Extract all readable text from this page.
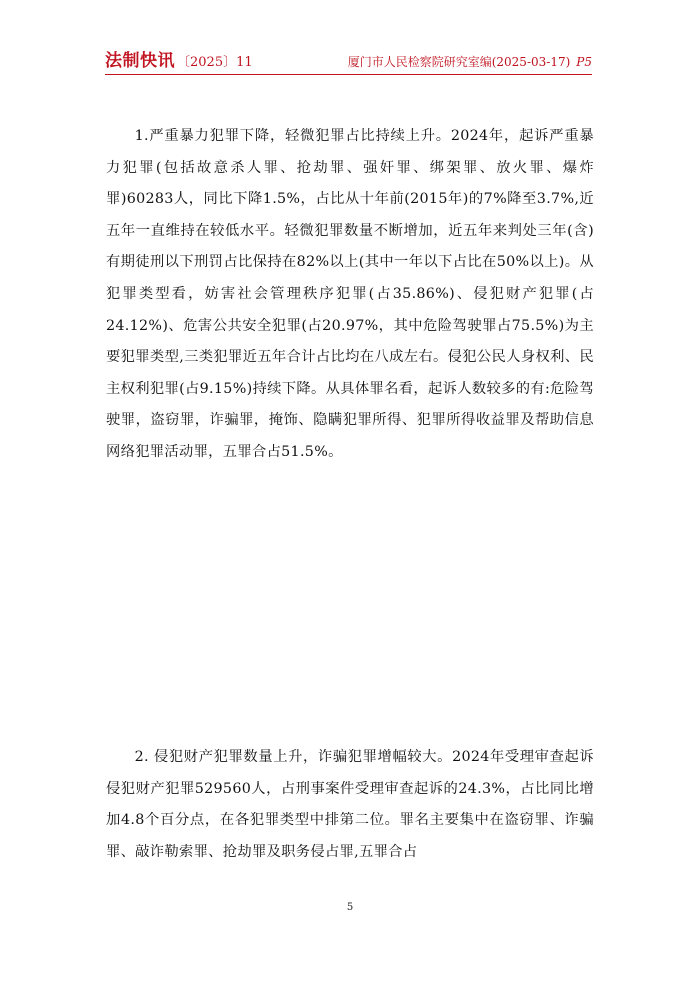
法制快讯 〔2025〕11	厦门市人民检察院研究室编(2025-03-17) P5

1.严重暴力犯罪下降，轻微犯罪占比持续上升。2024年，起诉严重暴力犯罪(包括故意杀人罪、抢劫罪、强奸罪、绑架罪、放火罪、爆炸罪)60283人，同比下降1.5%，占比从十年前(2015年)的7%降至3.7%,近五年一直维持在较低水平。轻微犯罪数量不断增加，近五年来判处三年(含)有期徒刑以下刑罚占比保持在82%以上(其中一年以下占比在50%以上)。从犯罪类型看，妨害社会管理秩序犯罪(占35.86%)、侵犯财产犯罪(占24.12%)、危害公共安全犯罪(占20.97%，其中危险驾驶罪占75.5%)为主要犯罪类型,三类犯罪近五年合计占比均在八成左右。侵犯公民人身权利、民主权利犯罪(占9.15%)持续下降。从具体罪名看，起诉人数较多的有:危险驾驶罪，盗窃罪，诈骗罪，掩饰、隐瞒犯罪所得、犯罪所得收益罪及帮助信息网络犯罪活动罪，五罪合占51.5%。

2. 侵犯财产犯罪数量上升，诈骗犯罪增幅较大。2024年受理审查起诉侵犯财产犯罪529560人，占刑事案件受理审查起诉的24.3%，占比同比增加4.8个百分点，在各犯罪类型中排第二位。罪名主要集中在盗窃罪、诈骗罪、敲诈勒索罪、抢劫罪及职务侵占罪,五罪合占

5
